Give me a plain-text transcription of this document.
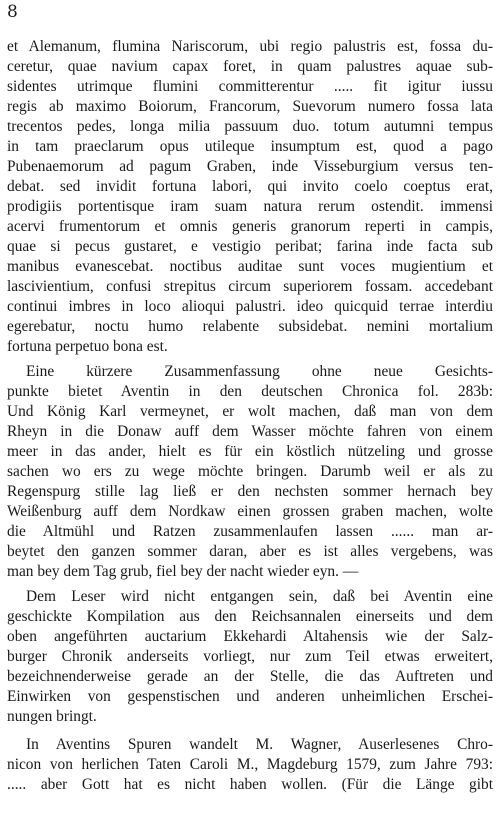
8
et Alemanum, flumina Nariscorum, ubi regio palustris est, fossa du-
ceretur, quae navium capax foret, in quam palustres aquae sub-
sidentes utrimque flumini committerentur ..... fit igitur iussu
regis ab maximo Boiorum, Francorum, Suevorum numero fossa lata
trecentos pedes, longa milia passuum duo. totum autumni tempus
in tam praeclarum opus utileque insumptum est, quod a pago
Pubenaemorum ad pagum Graben, inde Visseburgium versus ten-
debat. sed invidit fortuna labori, qui invito coelo coeptus erat,
prodigiis portentisque iram suam natura rerum ostendit. immensi
acervi frumentorum et omnis generis granorum reperti in campis,
quae si pecus gustaret, e vestigio peribat; farina inde facta sub
manibus evanescebat. noctibus auditae sunt voces mugientium et
lascivientium, confusi strepitus circum superiorem fossam. accedebant
continui imbres in loco alioqui palustri. ideo quicquid terrae interdiu
egerebatur, noctu humo relabente subsidebat. nemini mortalium
fortuna perpetuo bona est.
Eine kürzere Zusammenfassung ohne neue Gesichts-
punkte bietet Aventin in den deutschen Chronica fol. 283b:
Und König Karl vermeynet, er wolt machen, daß man von dem
Rheyn in die Donaw auff dem Wasser möchte fahren von einem
meer in das ander, hielt es für ein köstlich nützeling und grosse
sachen wo ers zu wege möchte bringen. Darumb weil er als zu
Regenspurg stille lag ließ er den nechsten sommer hernach bey
Weißenburg auff dem Nordkaw einen grossen graben machen, wolte
die Altmühl und Ratzen zusammenlaufen lassen ...... man ar-
beytet den ganzen sommer daran, aber es ist alles vergebens, was
man bey dem Tag grub, fiel bey der nacht wieder eyn. —
Dem Leser wird nicht entgangen sein, daß bei Aventin eine
geschickte Kompilation aus den Reichsannalen einerseits und dem
oben angeführten auctarium Ekkehardi Altahensis wie der Salz-
burger Chronik anderseits vorliegt, nur zum Teil etwas erweitert,
bezeichnenderweise gerade an der Stelle, die das Auftreten und
Einwirken von gespenstischen und anderen unheimlichen Erschei-
nungen bringt.
In Aventins Spuren wandelt M. Wagner, Auserlesenes Chro-
nicon von herlichen Taten Caroli M., Magdeburg 1579, zum Jahre 793:
..... aber Gott hat es nicht haben wollen. (Für die Länge gibt
